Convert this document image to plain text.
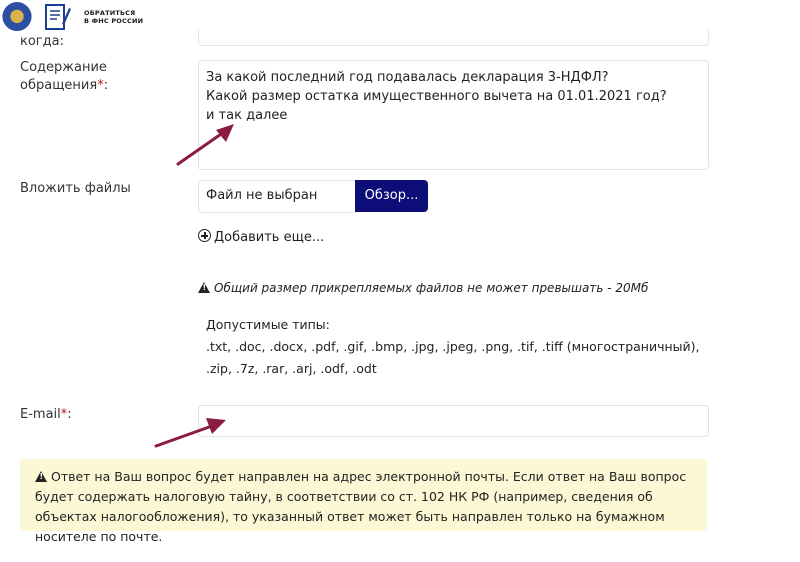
ОБРАТИТЬСЯ
В ФНС РОССИИ
когда:
Содержание
обращения*:
За какой последний год подавалась декларация 3-НДФЛ?
Какой размер остатка имущественного вычета на 01.01.2021 год?
и так далее
Вложить файлы	Файл не выбран	Обзор...
Добавить еще...
!Общий размер прикрепляемых файлов не может превышать - 20Мб
Допустимые типы:
.txt, .doc, .docx, .pdf, .gif, .bmp, .jpg, .jpeg, .png, .tif, .tiff (многостраничный), .zip, .7z, .rar, .arj, .odf, .odt
E-mail*:
!Ответ на Ваш вопрос будет направлен на адрес электронной почты. Если ответ на Ваш вопрос будет содержать налоговую тайну, в соответствии со ст. 102 НК РФ (например, сведения об объектах налогообложения), то указанный ответ может быть направлен только на бумажном носителе по почте.
